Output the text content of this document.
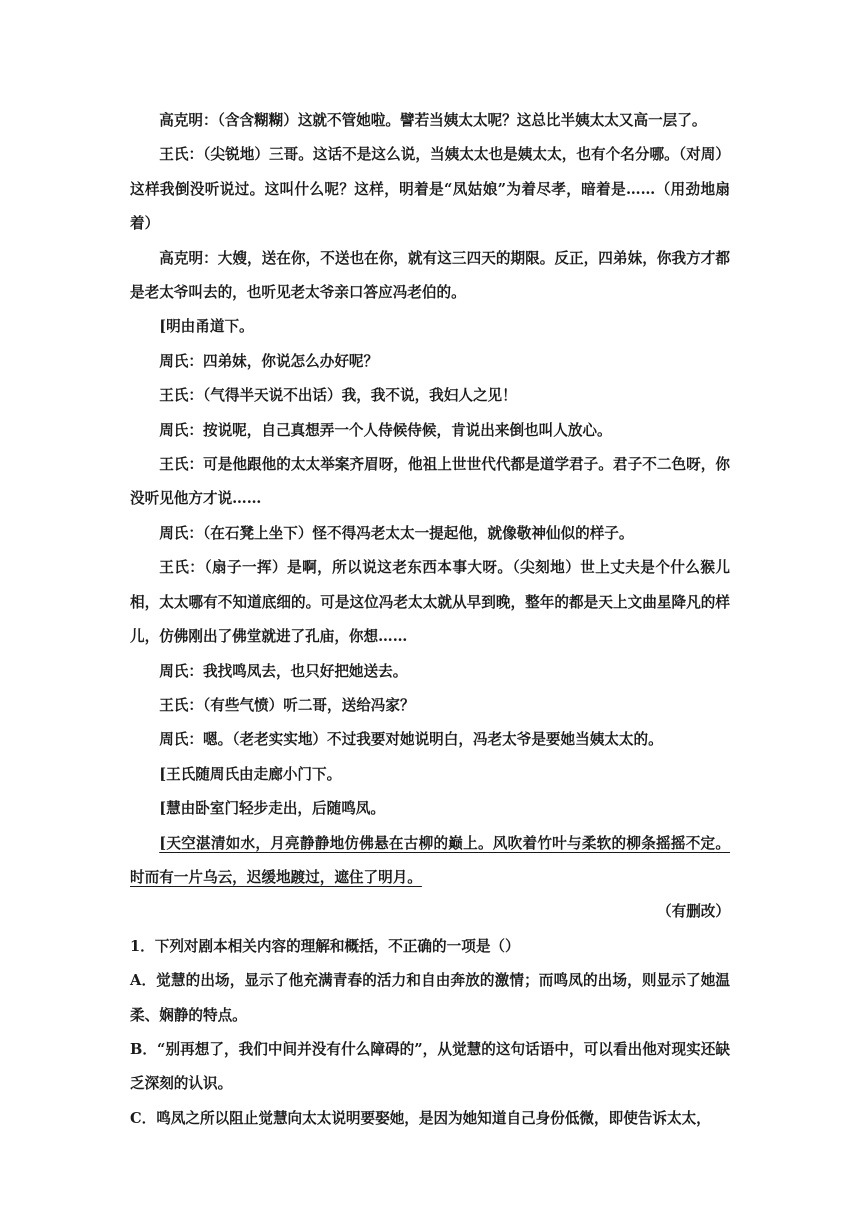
高克明：（含含糊糊）这就不管她啦。譬若当姨太太呢？这总比半姨太太又高一层了。

王氏：（尖锐地）三哥。这话不是这么说，当姨太太也是姨太太，也有个名分哪。（对周）这样我倒没听说过。这叫什么呢？这样，明着是“凤姑娘”为着尽孝，暗着是……（用劲地扇着）

高克明：大嫂，送在你，不送也在你，就有这三四天的期限。反正，四弟妹，你我方才都是老太爷叫去的，也听见老太爷亲口答应冯老伯的。

[明由甬道下。

周氏：四弟妹，你说怎么办好呢？

王氏：（气得半天说不出话）我，我不说，我妇人之见！

周氏：按说呢，自己真想弄一个人侍候侍候，肯说出来倒也叫人放心。

王氏：可是他跟他的太太举案齐眉呀，他祖上世世代代都是道学君子。君子不二色呀，你没听见他方才说……

周氏：（在石凳上坐下）怪不得冯老太太一提起他，就像敬神仙似的样子。

王氏：（扇子一挥）是啊，所以说这老东西本事大呀。（尖刻地）世上丈夫是个什么猴儿相，太太哪有不知道底细的。可是这位冯老太太就从早到晚，整年的都是天上文曲星降凡的样儿，仿佛刚出了佛堂就进了孔庙，你想……

周氏：我找鸣凤去，也只好把她送去。

王氏：（有些气愤）听二哥，送给冯家？

周氏：嗯。（老老实实地）不过我要对她说明白，冯老太爷是要她当姨太太的。

[王氏随周氏由走廊小门下。

[慧由卧室门轻步走出，后随鸣凤。

[天空湛清如水，月亮静静地仿佛悬在古柳的巅上。风吹着竹叶与柔软的柳条摇摇不定。时而有一片乌云，迟缓地踱过，遮住了明月。

（有删改）

1．下列对剧本相关内容的理解和概括，不正确的一项是（）

A．觉慧的出场，显示了他充满青春的活力和自由奔放的激情；而鸣凤的出场，则显示了她温柔、娴静的特点。

B．“别再想了，我们中间并没有什么障碍的”，从觉慧的这句话语中，可以看出他对现实还缺乏深刻的认识。

C．鸣凤之所以阻止觉慧向太太说明要娶她，是因为她知道自己身份低微，即使告诉太太，
